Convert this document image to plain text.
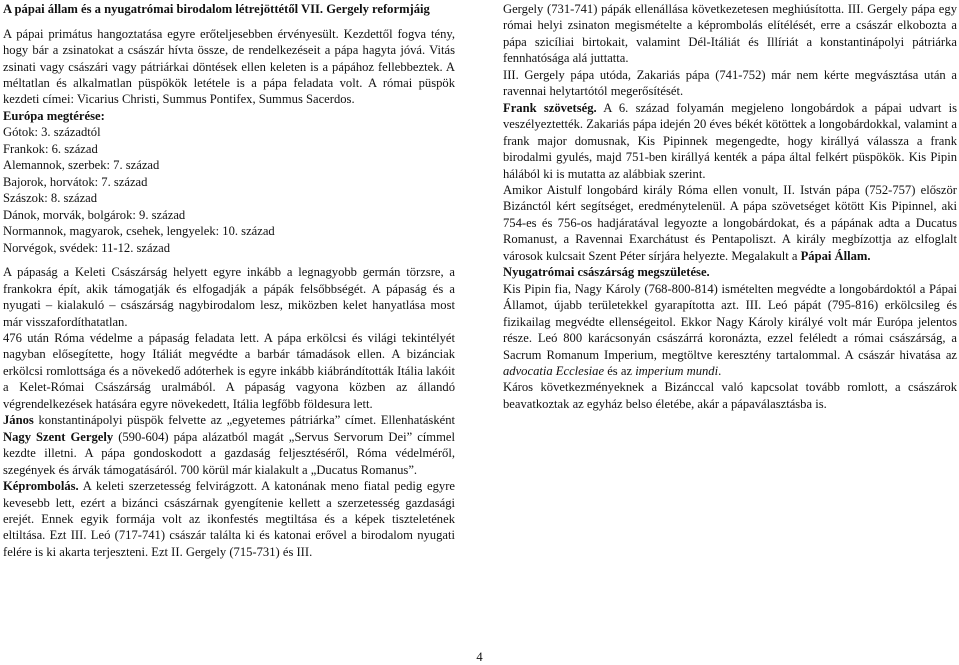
A pápai állam és a nyugatrómai birodalom létrejöttétől VII. Gergely reformjáig

A pápai primátus hangoztatása egyre erőteljesebben érvényesült. Kezdettől fogva tény, hogy bár a zsinatokat a császár hívta össze, de rendelkezéseit a pápa hagyta jóvá. Vitás zsinati vagy császári vagy pátriárkai döntések ellen keleten is a pápához fellebbeztek. A méltatlan és alkalmatlan püspökök letétele is a pápa feladata volt. A római püspök kezdeti címei: Vicarius Christi, Summus Pontifex, Summus Sacerdos.

Európa megtérése:

Gótok: 3. századtól

Frankok: 6. század

Alemannok, szerbek: 7. század

Bajorok, horvátok: 7. század

Szászok: 8. század

Dánok, morvák, bolgárok: 9. század

Normannok, magyarok, csehek, lengyelek: 10. század

Norvégok, svédek: 11-12. század

A pápaság a Keleti Császárság helyett egyre inkább a legnagyobb germán törzsre, a frankokra épít, akik támogatják és elfogadják a pápák felsőbbségét. A pápaság és a nyugati – kialakuló – császárság nagybirodalom lesz, miközben kelet hanyatlása most már visszafordíthatatlan.

476 után Róma védelme a pápaság feladata lett. A pápa erkölcsi és világi tekintélyét nagyban elősegítette, hogy Itáliát megvédte a barbár támadások ellen. A bizánciak erkölcsi romlottsága és a növekedő adóterhek is egyre inkább kiábrándították Itália lakóit a Kelet-Római Császárság uralmából. A pápaság vagyona közben az állandó végrendelkezések hatására egyre növekedett, Itália legfőbb földesura lett.

János konstantinápolyi püspök felvette az „egyetemes pátriárka” címet. Ellenhatásként Nagy Szent Gergely (590-604) pápa alázatból magát „Servus Servorum Dei” címmel kezdte illetni. A pápa gondoskodott a gazdaság feljesztéséről, Róma védelméről, szegények és árvák támogatásáról. 700 körül már kialakult a „Ducatus Romanus”.

Képrombolás. A keleti szerzetesség felvirágzott. A katonának meno fiatal pedig egyre kevesebb lett, ezért a bizánci császárnak gyengítenie kellett a szerzetesség gazdasági erejét. Ennek egyik formája volt az ikonfestés megtiltása és a képek tiszteletének eltiltása. Ezt III. Leó (717-741) császár találta ki és katonai erővel a birodalom nyugati felére is ki akarta terjeszteni. Ezt II. Gergely (715-731) és III.

Gergely (731-741) pápák ellenállása következetesen meghiúsította. III. Gergely pápa egy római helyi zsinaton megismételte a képrombolás elítélését, erre a császár elkobozta a pápa szicíliai birtokait, valamint Dél-Itáliát és Illíriát a konstantinápolyi pátriárka fennhatósága alá juttatta.

III. Gergely pápa utóda, Zakariás pápa (741-752) már nem kérte megvásztása után a ravennai helytartótól megerősítését.

Frank szövetség. A 6. század folyamán megjeleno longobárdok a pápai udvart is veszélyeztették. Zakariás pápa idején 20 éves békét kötöttek a longobárdokkal, valamint a frank major domusnak, Kis Pipinnek megengedte, hogy királlyá válassza a frank birodalmi gyulés, majd 751-ben királlyá kenték a pápa által felkért püspökök. Kis Pipin hálából ki is mutatta az alábbiak szerint.

Amikor Aistulf longobárd király Róma ellen vonult, II. István pápa (752-757) először Bizánctól kért segítséget, eredménytelenül. A pápa szövetséget kötött Kis Pipinnel, aki 754-es és 756-os hadjáratával legyozte a longobárdokat, és a pápának adta a Ducatus Romanust, a Ravennai Exarchátust és Pentapoliszt. A király megbízottja az elfoglalt városok kulcsait Szent Péter sírjára helyezte. Megalakult a Pápai Állam.

Nyugatrómai császárság megszületése.

Kis Pipin fia, Nagy Károly (768-800-814) ismételten megvédte a longobárdoktól a Pápai Államot, újabb területekkel gyarapította azt. III. Leó pápát (795-816) erkölcsileg és fizikailag megvédte ellenségeitol. Ekkor Nagy Károly királyé volt már Európa jelentos része. Leó 800 karácsonyán császárrá koronázta, ezzel feléledt a római császárság, a Sacrum Romanum Imperium, megtöltve keresztény tartalommal. A császár hivatása az advocatia Ecclesiae és az imperium mundi.

Káros következményeknek a Bizánccal való kapcsolat tovább romlott, a császárok beavatkoztak az egyház belso életébe, akár a pápaválasztásba is.

4
